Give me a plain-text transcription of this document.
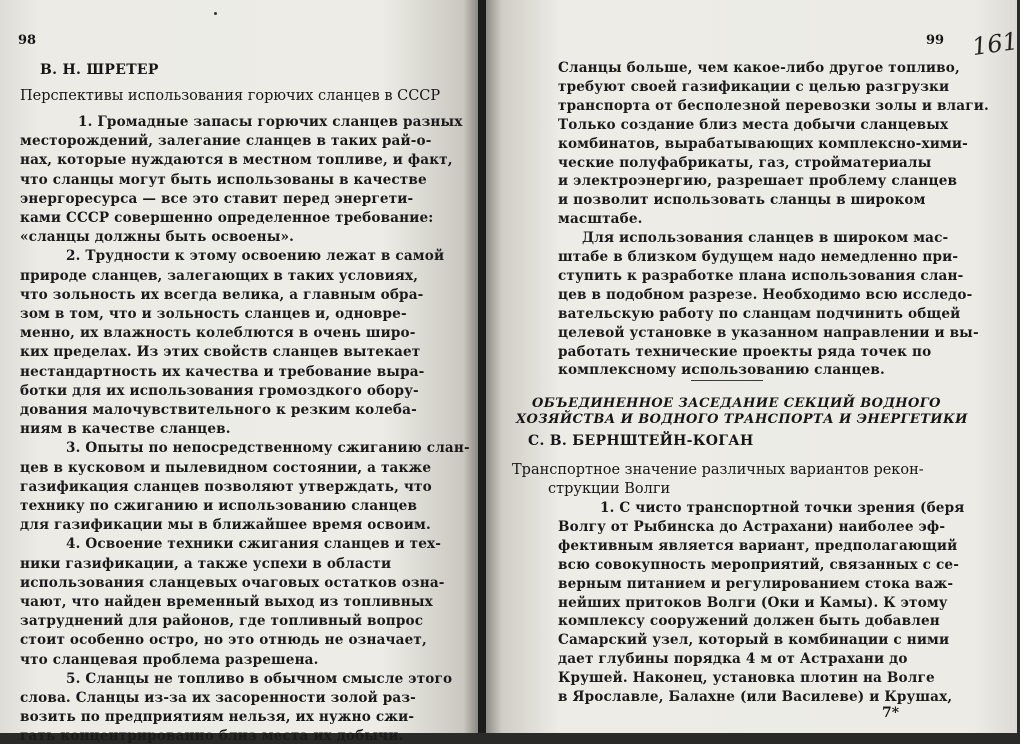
98
В. Н. ШРЕТЕР
Перспективы использования горючих сланцев в СССР
1. Громадные запасы горючих сланцев разных
месторождений, залегание сланцев в таких рай-о-
нах, которые нуждаются в местном топливе, и факт,
что сланцы могут быть использованы в качестве
энергоресурса — все это ставит перед энергети-
ками СССР совершенно определенное требование:
«сланцы должны быть освоены».
2. Трудности к этому освоению лежат в самой
природе сланцев, залегающих в таких условиях,
что зольность их всегда велика, а главным обра-
зом в том, что и зольность сланцев и, одновре-
менно, их влажность колеблются в очень широ-
ких пределах. Из этих свойств сланцев вытекает
нестандартность их качества и требование выра-
ботки для их использования громоздкого обору-
дования малочувствительного к резким колеба-
ниям в качестве сланцев.
3. Опыты по непосредственному сжиганию слан-
цев в кусковом и пылевидном состоянии, а также
газификация сланцев позволяют утверждать, что
технику по сжиганию и использованию сланцев
для газификации мы в ближайшее время освоим.
4. Освоение техники сжигания сланцев и тех-
ники газификации, а также успехи в области
использования сланцевых очаговых остатков озна-
чают, что найден временный выход из топливных
затруднений для районов, где топливный вопрос
стоит особенно остро, но это отнюдь не означает,
что сланцевая проблема разрешена.
5. Сланцы не топливо в обычном смысле этого
слова. Сланцы из-за их засоренности золой раз-
возить по предприятиям нельзя, их нужно сжи-
гать концентрированно близ места их добычи.
99 161
Сланцы больше, чем какое-либо другое топливо,
требуют своей газификации с целью разгрузки
транспорта от бесполезной перевозки золы и влаги.
Только создание близ места добычи сланцевых
комбинатов, вырабатывающих комплексно-хими-
ческие полуфабрикаты, газ, стройматериалы
и электроэнергию, разрешает проблему сланцев
и позволит использовать сланцы в широком
масштабе.
Для использования сланцев в широком мас-
штабе в близком будущем надо немедленно при-
ступить к разработке плана использования слан-
цев в подобном разрезе. Необходимо всю исследо-
вательскую работу по сланцам подчинить общей
целевой установке в указанном направлении и вы-
работать технические проекты ряда точек по
комплексному использованию сланцев.
ОБЪЕДИНЕННОЕ ЗАСЕДАНИЕ СЕКЦИЙ ВОДНОГО
ХОЗЯЙСТВА И ВОДНОГО ТРАНСПОРТА И ЭНЕРГЕТИКИ
С. В. БЕРНШТЕЙН-КОГАН
Транспортное значение различных вариантов рекон-
струкции Волги
1. С чисто транспортной точки зрения (беря
Волгу от Рыбинска до Астрахани) наиболее эф-
фективным является вариант, предполагающий
всю совокупность мероприятий, связанных с се-
верным питанием и регулированием стока важ-
нейших притоков Волги (Оки и Камы). К этому
комплексу сооружений должен быть добавлен
Самарский узел, который в комбинации с ними
дает глубины порядка 4 м от Астрахани до
Крушей. Наконец, установка плотин на Волге
в Ярославле, Балахне (или Василеве) и Крушах,
7*
